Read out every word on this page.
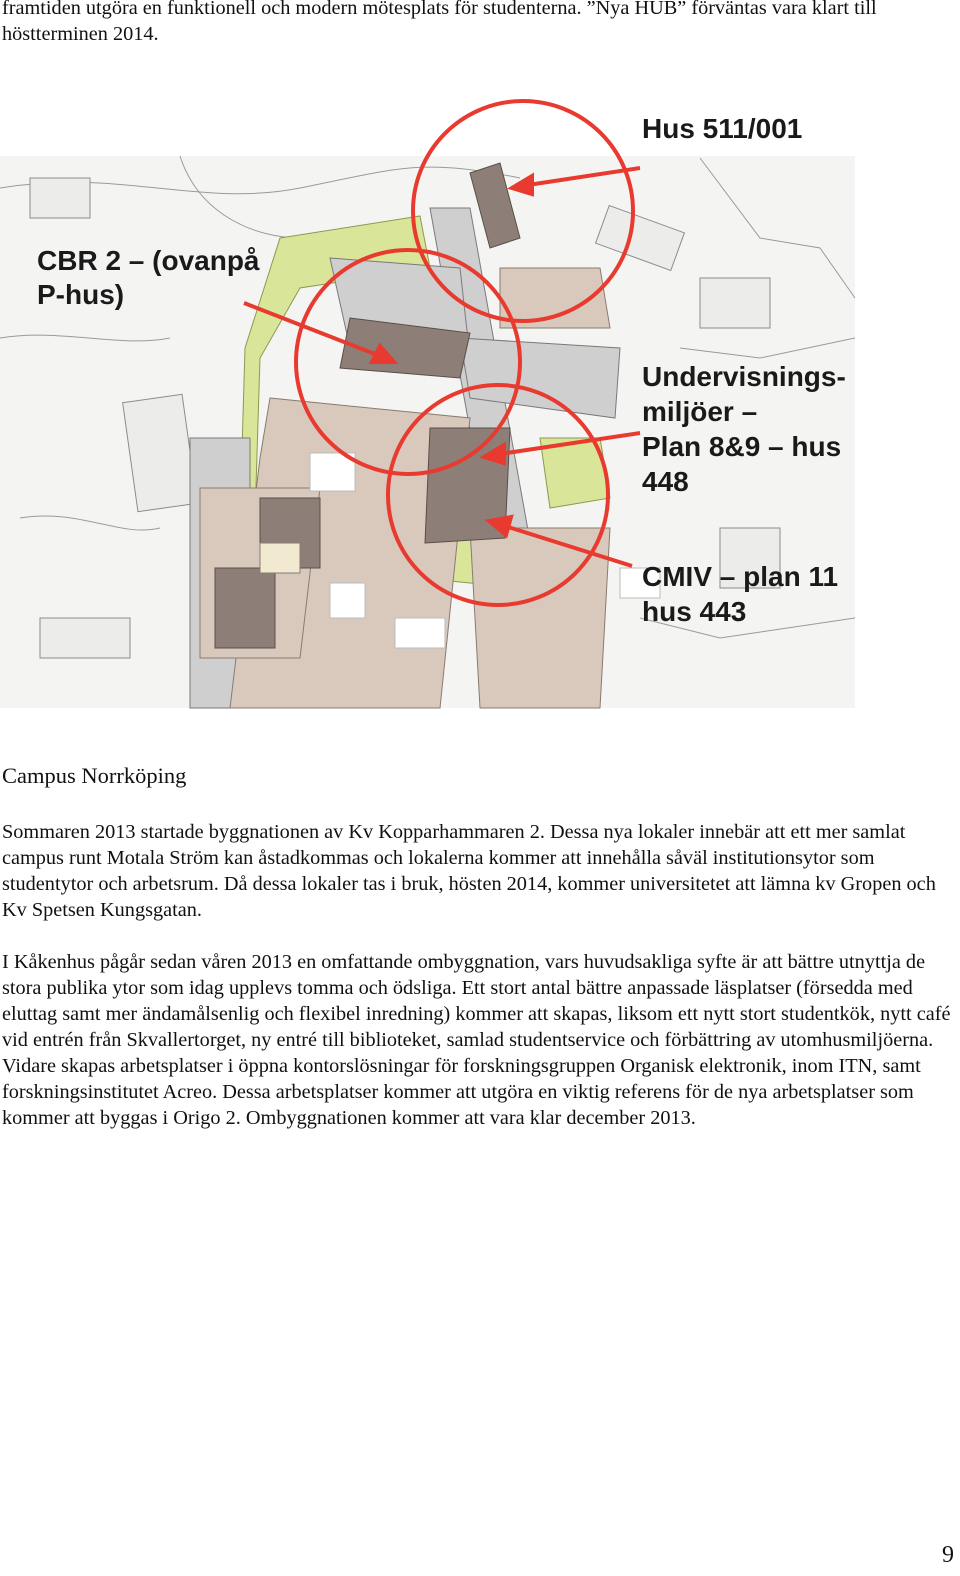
framtiden utgöra en funktionell och modern mötesplats för studenterna. ”Nya HUB” förväntas vara klart till höstterminen 2014.

Hus 511/001
CBR 2 – (ovanpå
P-hus)
Undervisnings-
miljöer –
Plan 8&9 – hus
448
CMIV – plan 11
hus 443
Campus Norrköping

Sommaren 2013 startade byggnationen av Kv Kopparhammaren 2. Dessa nya lokaler innebär att ett mer samlat campus runt Motala Ström kan åstadkommas och lokalerna kommer att innehålla såväl institutionsytor som studentytor och arbetsrum. Då dessa lokaler tas i bruk, hösten 2014, kommer universitetet att lämna kv Gropen och Kv Spetsen Kungsgatan.

I Kåkenhus pågår sedan våren 2013 en omfattande ombyggnation, vars huvudsakliga syfte är att bättre utnyttja de stora publika ytor som idag upplevs tomma och ödsliga. Ett stort antal bättre anpassade läsplatser (försedda med eluttag samt mer ändamålsenlig och flexibel inredning) kommer att skapas, liksom ett nytt stort studentkök, nytt café vid entrén från Skvallertorget, ny entré till biblioteket, samlad studentservice och förbättring av utomhusmiljöerna. Vidare skapas arbetsplatser i öppna kontorslösningar för forskningsgruppen Organisk elektronik, inom ITN, samt forskningsinstitutet Acreo. Dessa arbetsplatser kommer att utgöra en viktig referens för de nya arbetsplatser som kommer att byggas i Origo 2. Ombyggnationen kommer att vara klar december 2013.

9
